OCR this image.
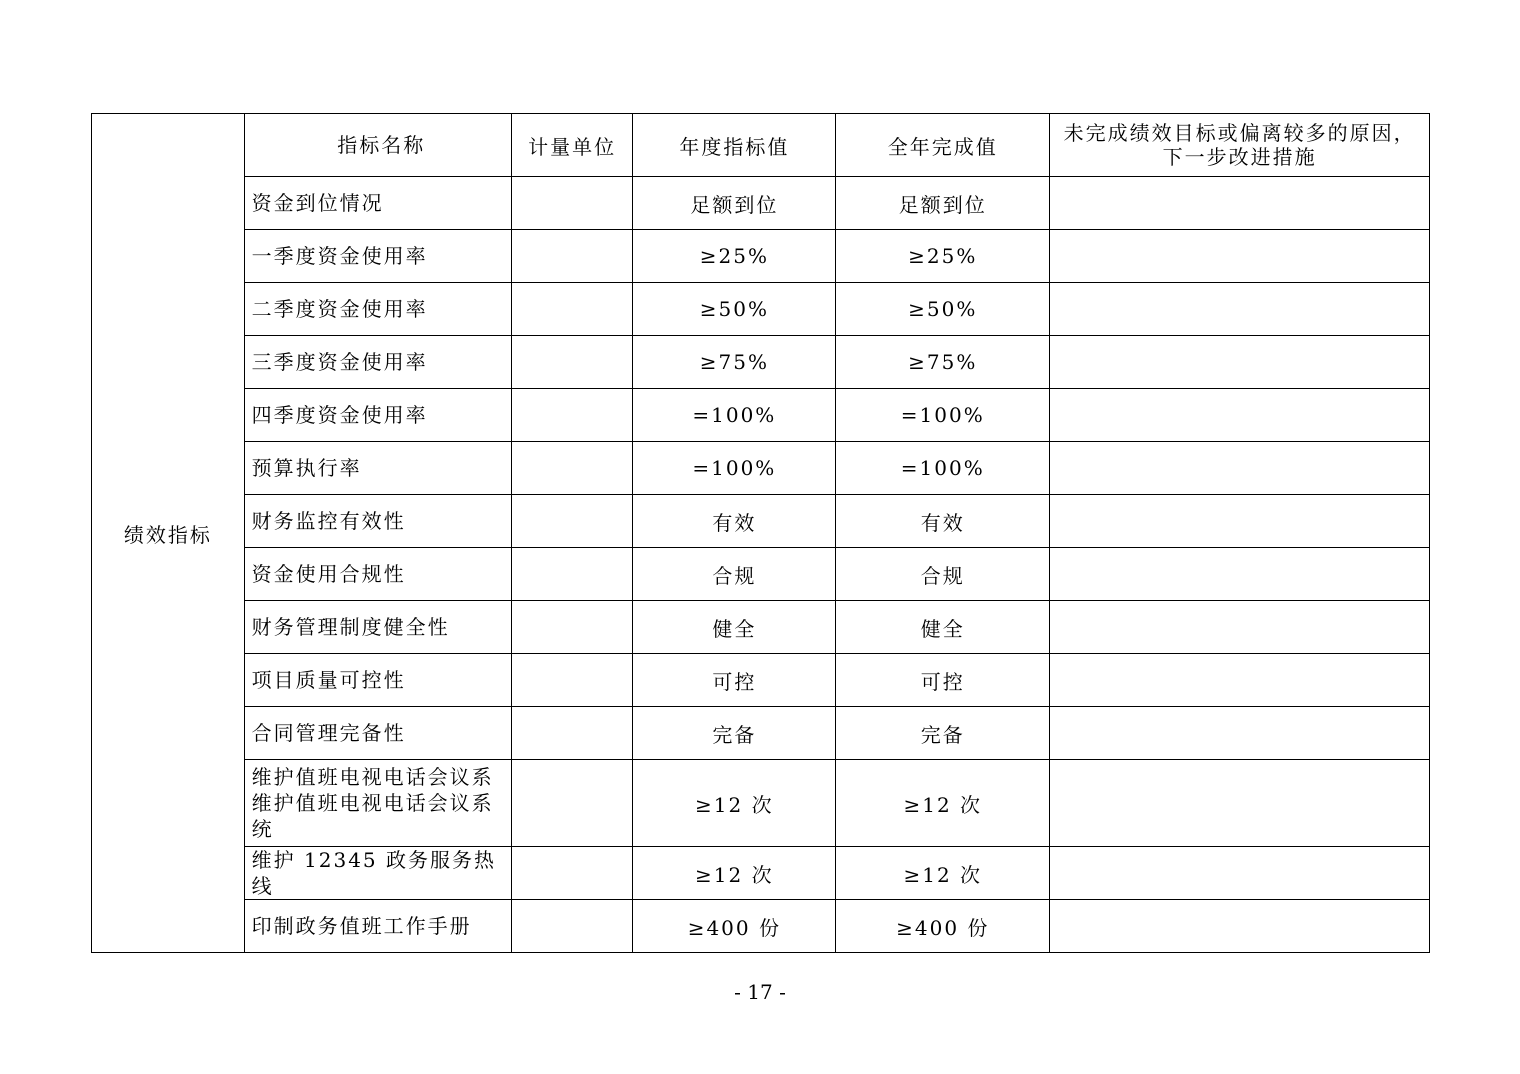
绩效指标	指标名称	计量单位	年度指标值	全年完成值	未完成绩效目标或偏离较多的原因，
下一步改进措施

	资金到位情况		足额到位	足额到位	
	一季度资金使用率		≥25%	≥25%	
	二季度资金使用率		≥50%	≥50%	
	三季度资金使用率		≥75%	≥75%	
	四季度资金使用率		=100%	=100%	
	预算执行率		=100%	=100%	
	财务监控有效性		有效	有效	
	资金使用合规性		合规	合规	
	财务管理制度健全性		健全	健全	
	项目质量可控性		可控	可控	
	合同管理完备性		完备	完备	

	维护值班电视电话会议系
维护值班电视电话会议系
统		≥12 次	≥12 次	
	维护 12345 政务服务热线		≥12 次	≥12 次	
	印制政务值班工作手册		≥400 份	≥400 份	
- 17 -
